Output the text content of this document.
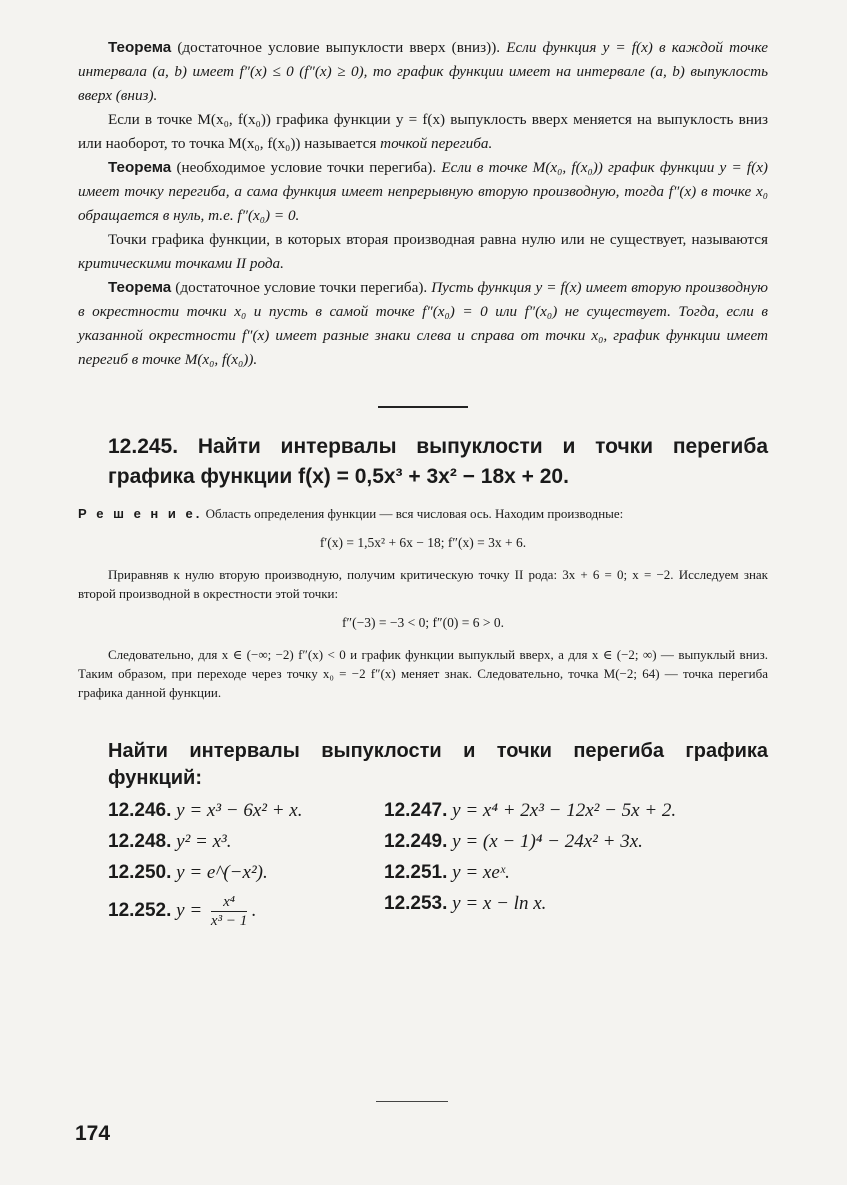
Теорема (достаточное условие выпуклости вверх (вниз)). Если функция y = f(x) в каждой точке интервала (a, b) имеет f″(x) ≤ 0 (f″(x) ≥ 0), то график функции имеет на интервале (a, b) выпуклость вверх (вниз).

Если в точке M(x₀, f(x₀)) графика функции y = f(x) выпуклость вверх меняется на выпуклость вниз или наоборот, то точка M(x₀, f(x₀)) называется точкой перегиба.

Теорема (необходимое условие точки перегиба). Если в точке M(x₀, f(x₀)) график функции y = f(x) имеет точку перегиба, а сама функция имеет непрерывную вторую производную, тогда f″(x) в точке x₀ обращается в нуль, т.е. f″(x₀) = 0.

Точки графика функции, в которых вторая производная равна нулю или не существует, называются критическими точками II рода.

Теорема (достаточное условие точки перегиба). Пусть функция y = f(x) имеет вторую производную в окрестности точки x₀ и пусть в самой точке f″(x₀) = 0 или f″(x₀) не существует. Тогда, если в указанной окрестности f″(x) имеет разные знаки слева и справа от точки x₀, график функции имеет перегиб в точке M(x₀, f(x₀)).

12.245. Найти интервалы выпуклости и точки перегиба графика функции f(x) = 0,5x³ + 3x² − 18x + 20.

Р е ш е н и е. Область определения функции — вся числовая ось. Находим производные:

f′(x) = 1,5x² + 6x − 18; f″(x) = 3x + 6.

Приравняв к нулю вторую производную, получим критическую точку II рода: 3x + 6 = 0; x = −2. Исследуем знак второй производной в окрестности этой точки:

f″(−3) = −3 < 0; f″(0) = 6 > 0.

Следовательно, для x ∈ (−∞; −2) f″(x) < 0 и график функции выпуклый вверх, а для x ∈ (−2; ∞) — выпуклый вниз. Таким образом, при переходе через точку x₀ = −2 f″(x) меняет знак. Следовательно, точка M(−2; 64) — точка перегиба графика данной функции.

Найти интервалы выпуклости и точки перегиба графика функций:

12.246. y = x³ − 6x² + x.	12.247. y = x⁴ + 2x³ − 12x² − 5x + 2.
12.248. y² = x³.	12.249. y = (x − 1)⁴ − 24x² + 3x.
12.250. y = e^(−x²).	12.251. y = xeˣ.
12.252. $y = \frac{\text{x⁴}}{\text{x³ − 1}}$ .	12.253. y = x − ln x.
174
